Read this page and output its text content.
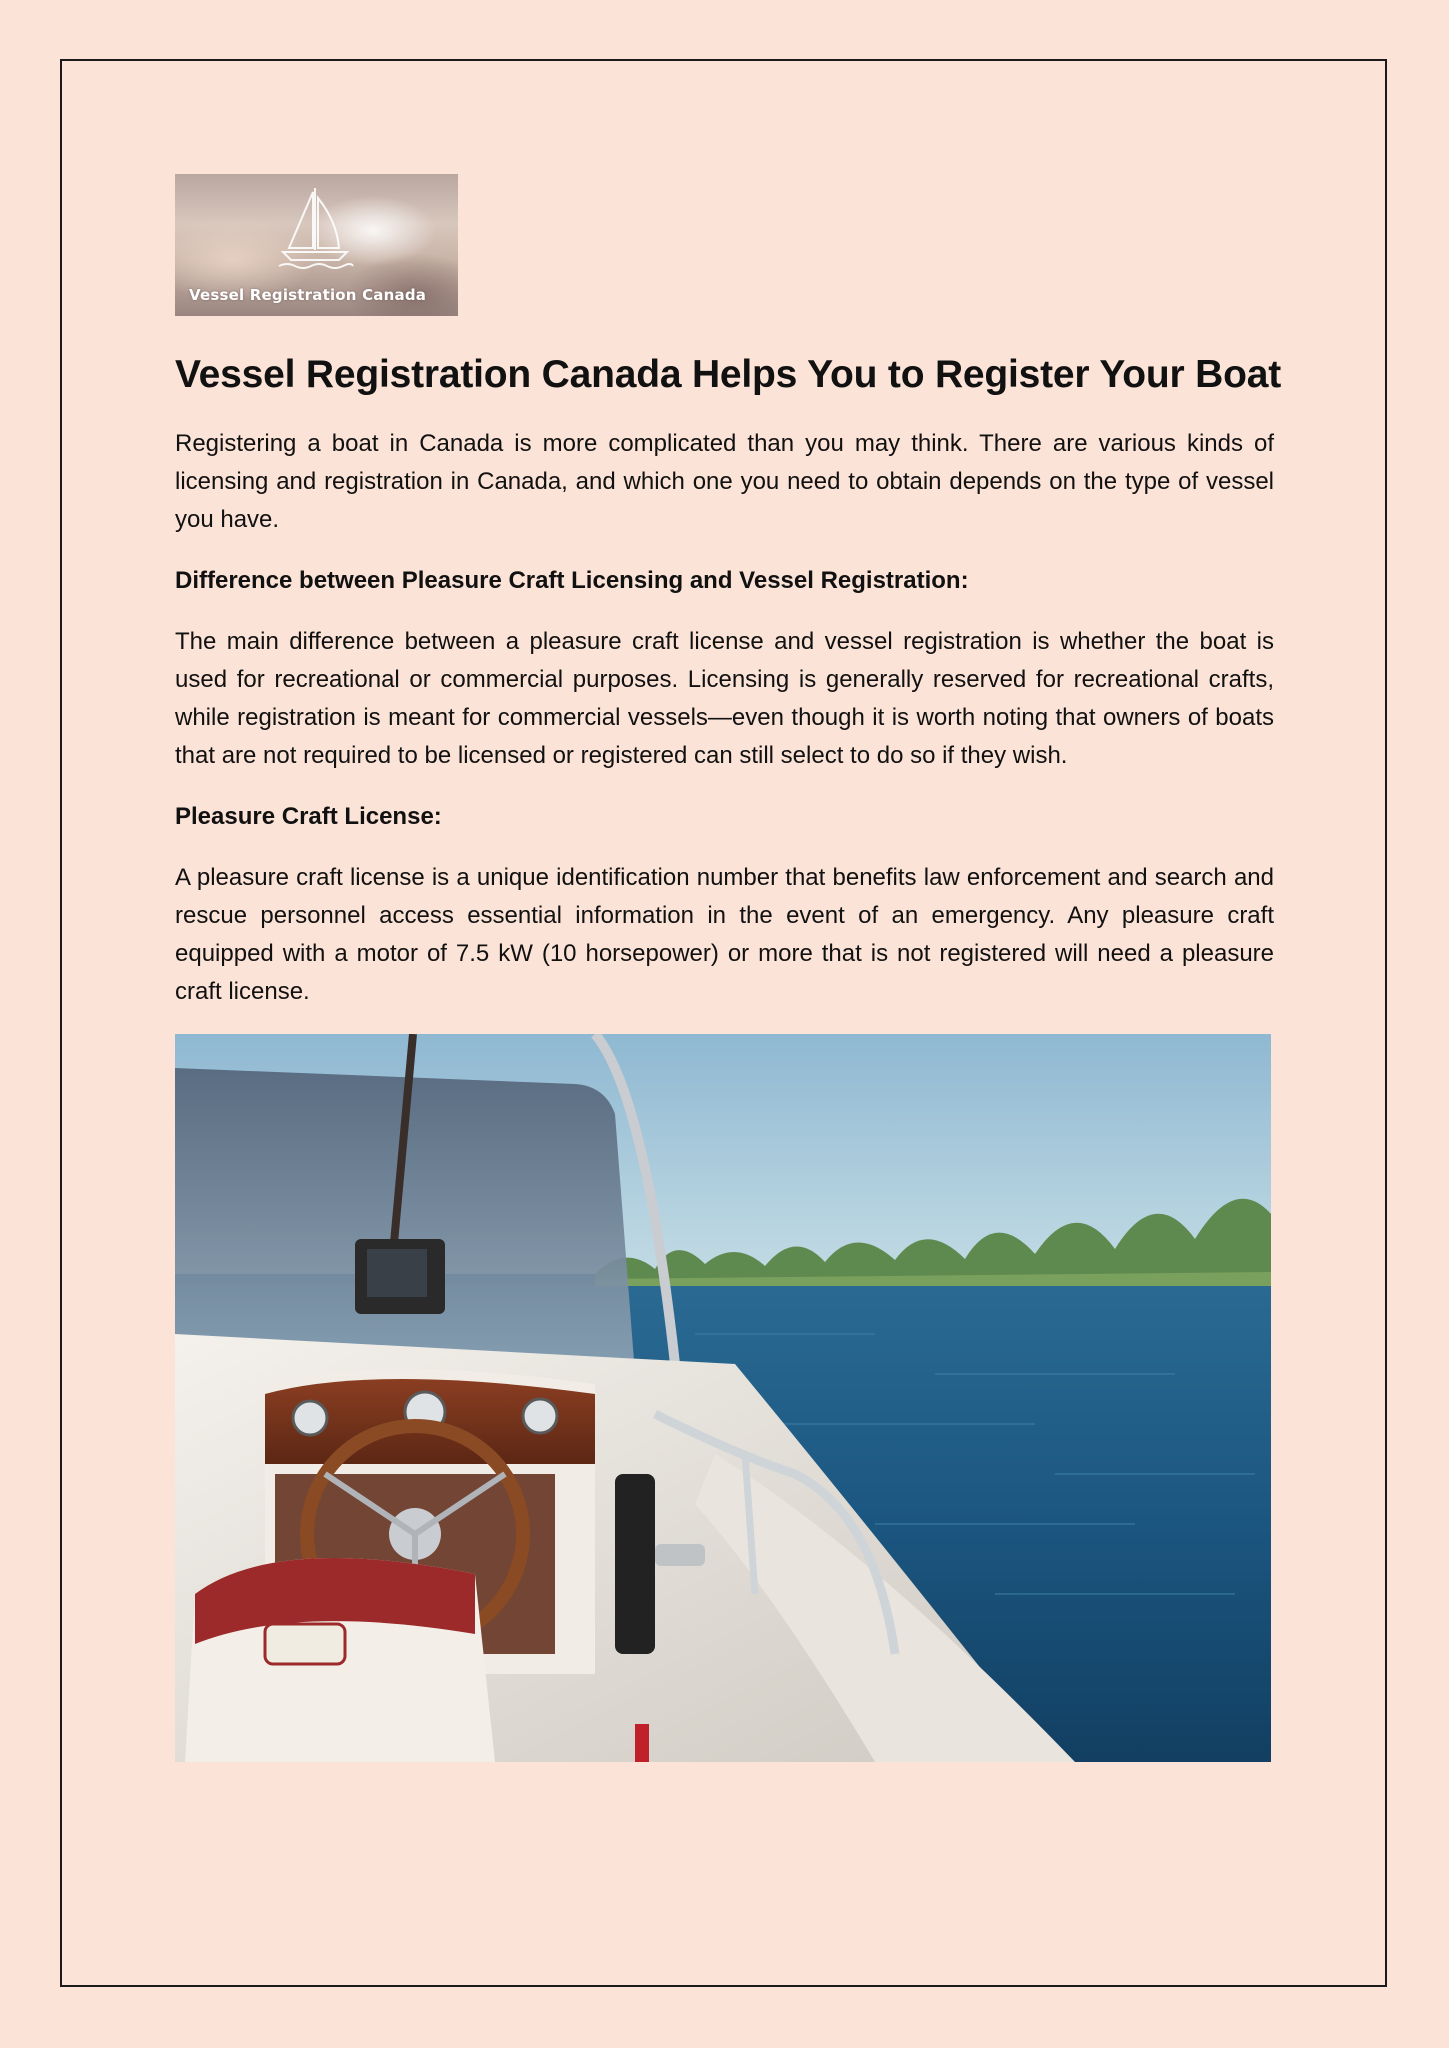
Vessel Registration Canada
Vessel Registration Canada Helps You to Register Your Boat

Registering a boat in Canada is more complicated than you may think. There are various kinds of licensing and registration in Canada, and which one you need to obtain depends on the type of vessel you have.

Difference between Pleasure Craft Licensing and Vessel Registration:

The main difference between a pleasure craft license and vessel registration is whether the boat is used for recreational or commercial purposes. Licensing is generally reserved for recreational crafts, while registration is meant for commercial vessels—even though it is worth noting that owners of boats that are not required to be licensed or registered can still select to do so if they wish.

Pleasure Craft License:

A pleasure craft license is a unique identification number that benefits law enforcement and search and rescue personnel access essential information in the event of an emergency. Any pleasure craft equipped with a motor of 7.5 kW (10 horsepower) or more that is not registered will need a pleasure craft license.
